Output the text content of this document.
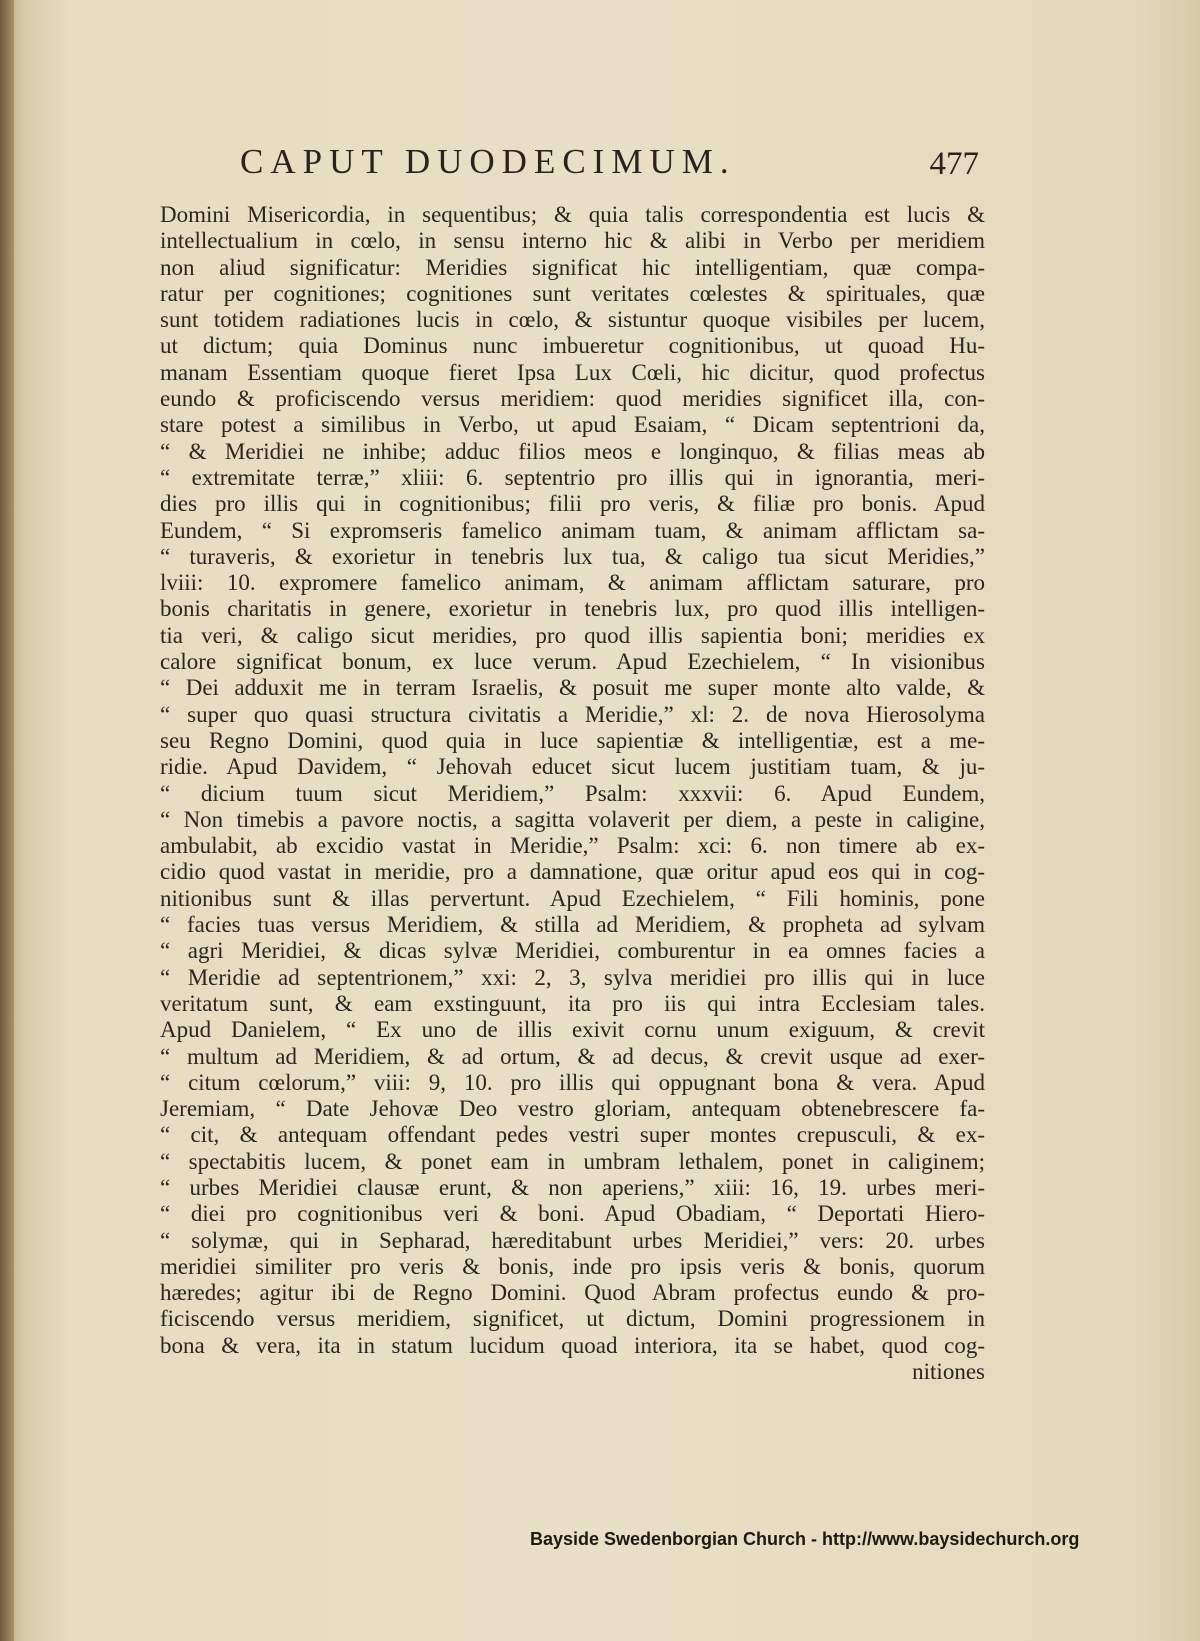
CAPUT DUODECIMUM.	477
Domini Misericordia, in sequentibus; & quia talis correspondentia est lucis &
intellectualium in cœlo, in sensu interno hic & alibi in Verbo per meridiem
non aliud significatur: Meridies significat hic intelligentiam, quæ compa-
ratur per cognitiones; cognitiones sunt veritates cœlestes & spirituales, quæ
sunt totidem radiationes lucis in cœlo, & sistuntur quoque visibiles per lucem,
ut dictum; quia Dominus nunc imbueretur cognitionibus, ut quoad Hu-
manam Essentiam quoque fieret Ipsa Lux Cœli, hic dicitur, quod profectus
eundo & proficiscendo versus meridiem: quod meridies significet illa, con-
stare potest a similibus in Verbo, ut apud Esaiam, “ Dicam septentrioni da,
“ & Meridiei ne inhibe; adduc filios meos e longinquo, & filias meas ab
“ extremitate terræ,” xliii: 6. septentrio pro illis qui in ignorantia, meri-
dies pro illis qui in cognitionibus; filii pro veris, & filiæ pro bonis. Apud
Eundem, “ Si expromseris famelico animam tuam, & animam afflictam sa-
“ turaveris, & exorietur in tenebris lux tua, & caligo tua sicut Meridies,”
lviii: 10. expromere famelico animam, & animam afflictam saturare, pro
bonis charitatis in genere, exorietur in tenebris lux, pro quod illis intelligen-
tia veri, & caligo sicut meridies, pro quod illis sapientia boni; meridies ex
calore significat bonum, ex luce verum. Apud Ezechielem, “ In visionibus
“ Dei adduxit me in terram Israelis, & posuit me super monte alto valde, &
“ super quo quasi structura civitatis a Meridie,” xl: 2. de nova Hierosolyma
seu Regno Domini, quod quia in luce sapientiæ & intelligentiæ, est a me-
ridie. Apud Davidem, “ Jehovah educet sicut lucem justitiam tuam, & ju-
“ dicium tuum sicut Meridiem,” Psalm: xxxvii: 6. Apud Eundem,
“ Non timebis a pavore noctis, a sagitta volaverit per diem, a peste in caligine,
ambulabit, ab excidio vastat in Meridie,” Psalm: xci: 6. non timere ab ex-
cidio quod vastat in meridie, pro a damnatione, quæ oritur apud eos qui in cog-
nitionibus sunt & illas pervertunt. Apud Ezechielem, “ Fili hominis, pone
“ facies tuas versus Meridiem, & stilla ad Meridiem, & propheta ad sylvam
“ agri Meridiei, & dicas sylvæ Meridiei, comburentur in ea omnes facies a
“ Meridie ad septentrionem,” xxi: 2, 3, sylva meridiei pro illis qui in luce
veritatum sunt, & eam exstinguunt, ita pro iis qui intra Ecclesiam tales.
Apud Danielem, “ Ex uno de illis exivit cornu unum exiguum, & crevit
“ multum ad Meridiem, & ad ortum, & ad decus, & crevit usque ad exer-
“ citum cœlorum,” viii: 9, 10. pro illis qui oppugnant bona & vera. Apud
Jeremiam, “ Date Jehovæ Deo vestro gloriam, antequam obtenebrescere fa-
“ cit, & antequam offendant pedes vestri super montes crepusculi, & ex-
“ spectabitis lucem, & ponet eam in umbram lethalem, ponet in caliginem;
“ urbes Meridiei clausæ erunt, & non aperiens,” xiii: 16, 19. urbes meri-
“ diei pro cognitionibus veri & boni. Apud Obadiam, “ Deportati Hiero-
“ solymæ, qui in Sepharad, hæreditabunt urbes Meridiei,” vers: 20. urbes
meridiei similiter pro veris & bonis, inde pro ipsis veris & bonis, quorum
hæredes; agitur ibi de Regno Domini. Quod Abram profectus eundo & pro-
ficiscendo versus meridiem, significet, ut dictum, Domini progressionem in
bona & vera, ita in statum lucidum quoad interiora, ita se habet, quod cog-
nitiones
Bayside Swedenborgian Church - http://www.baysidechurch.org
